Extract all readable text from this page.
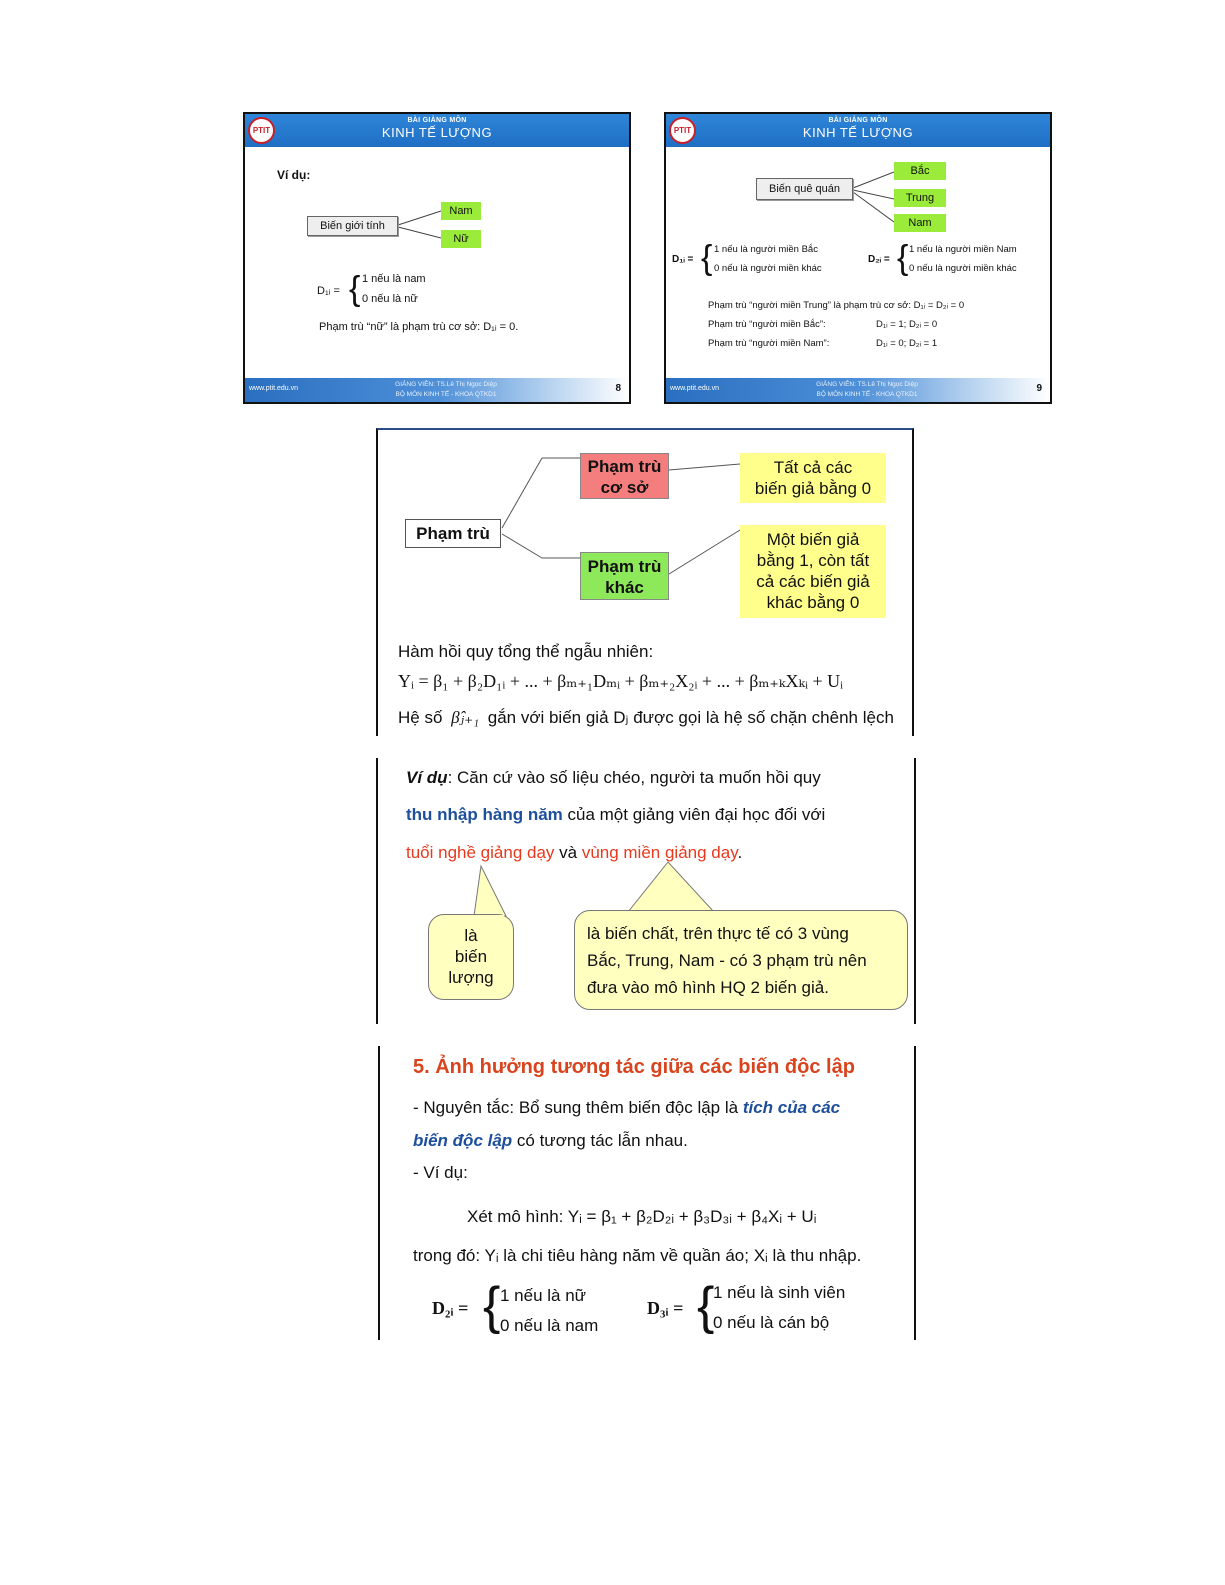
BÀI GIẢNG MÔN
KINH TẾ LƯỢNG
PTIT
Ví dụ:
Biến giới tính
Nam
Nữ
D₁ᵢ = { 1 nếu là nam
0 nếu là nữ
Phạm trù “nữ” là phạm trù cơ sở: D₁ᵢ = 0.
www.ptit.edu.vn
GIẢNG VIÊN: TS.Lê Thị Ngọc Diệp
BỘ MÔN KINH TẾ - KHOA QTKD1
8
BÀI GIẢNG MÔN
KINH TẾ LƯỢNG
PTIT
Biến quê quán
Bắc
Trung
Nam
D₁ᵢ = { 1 nếu là người miền Bắc
0 nếu là người miền khác
D₂ᵢ = { 1 nếu là người miền Nam
0 nếu là người miền khác
Phạm trù “người miền Trung” là phạm trù cơ sở: D₁ᵢ = D₂ᵢ = 0
Phạm trù “người miền Bắc”:	D₁ᵢ = 1; D₂ᵢ = 0
Phạm trù “người miền Nam”:	D₁ᵢ = 0; D₂ᵢ = 1
www.ptit.edu.vn
GIẢNG VIÊN: TS.Lê Thị Ngọc Diệp
BỘ MÔN KINH TẾ - KHOA QTKD1
9
Phạm trù
Phạm trù
cơ sở
Tất cả các
biến giả bằng 0
Phạm trù
khác
Một biến giả
bằng 1, còn tất
cả các biến giả
khác bằng 0
Hàm hồi quy tổng thể ngẫu nhiên:
Yᵢ = β₁ + β₂D₁ᵢ + ... + βₘ₊₁Dₘᵢ + βₘ₊₂X₂ᵢ + ... + βₘ₊ₖXₖᵢ + Uᵢ
Hệ số β̂ⱼ₊₁ gắn với biến giả Dⱼ được gọi là hệ số chặn chênh lệch
Ví dụ: Căn cứ vào số liệu chéo, người ta muốn hồi quy
thu nhập hàng năm của một giảng viên đại học đối với
tuổi nghề giảng dạy và vùng miền giảng dạy.
là
biến
lượng
là biến chất, trên thực tế có 3 vùng
Bắc, Trung, Nam - có 3 phạm trù nên
đưa vào mô hình HQ 2 biến giả.
5. Ảnh hưởng tương tác giữa các biến độc lập
- Nguyên tắc: Bổ sung thêm biến độc lập là tích của các
biến độc lập có tương tác lẫn nhau.
- Ví dụ:
Xét mô hình: Yᵢ = β₁ + β₂D₂ᵢ + β₃D₃ᵢ + β₄Xᵢ + Uᵢ
trong đó: Yᵢ là chi tiêu hàng năm về quần áo; Xᵢ là thu nhập.
D₂ᵢ = { 1 nếu là nữ
0 nếu là nam
D₃ᵢ = {
1 nếu là sinh viên
0 nếu là cán bộ
